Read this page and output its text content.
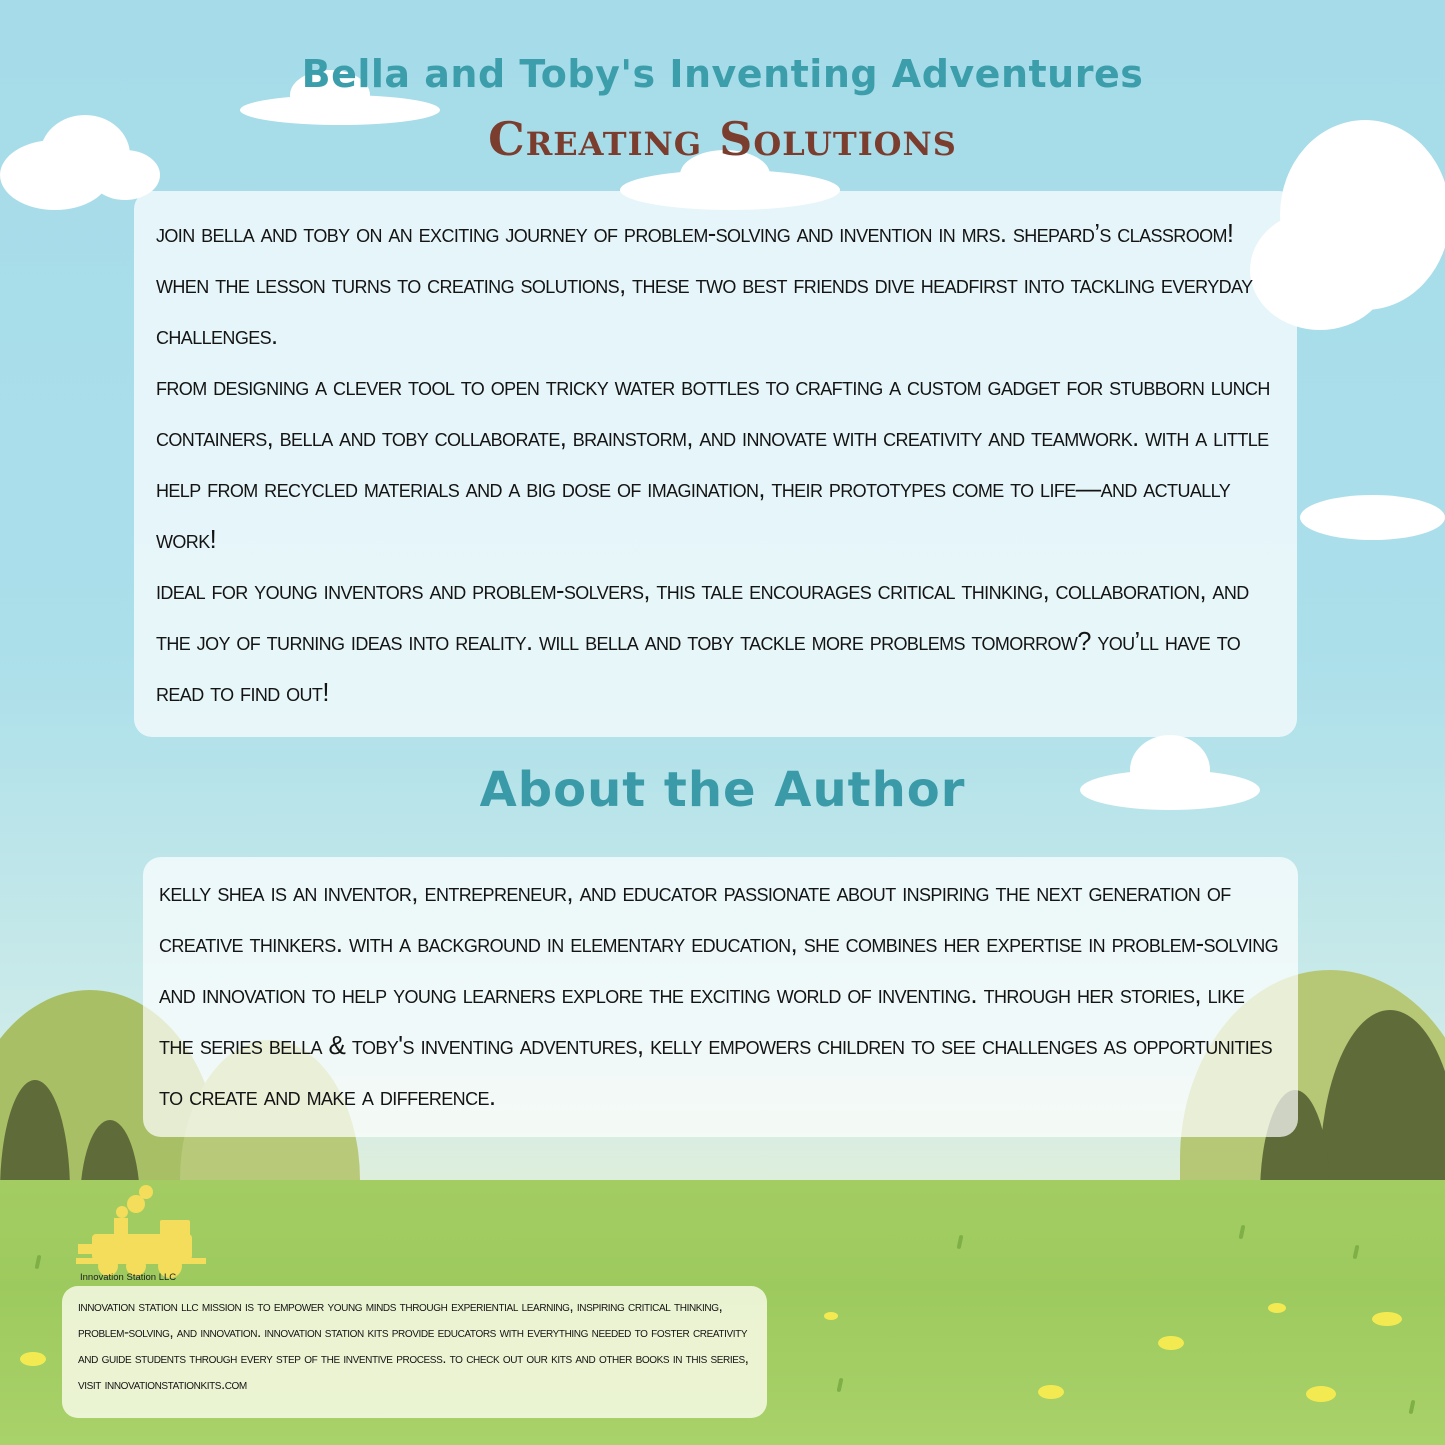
Bella and Toby's Inventing Adventures
Creating Solutions

join bella and toby on an exciting journey of problem-solving and invention in mrs. shepard’s classroom! when the lesson turns to creating solutions, these two best friends dive headfirst into tackling everyday challenges.

from designing a clever tool to open tricky water bottles to crafting a custom gadget for stubborn lunch containers, bella and toby collaborate, brainstorm, and innovate with creativity and teamwork. with a little help from recycled materials and a big dose of imagination, their prototypes come to life—and actually work!

ideal for young inventors and problem-solvers, this tale encourages critical thinking, collaboration, and the joy of turning ideas into reality. will bella and toby tackle more problems tomorrow? you’ll have to read to find out!

About the Author

kelly shea is an inventor, entrepreneur, and educator passionate about inspiring the next generation of creative thinkers. with a background in elementary education, she combines her expertise in problem-solving and innovation to help young learners explore the exciting world of inventing. through her stories, like the series bella & toby's inventing adventures, kelly empowers children to see challenges as opportunities to create and make a difference.

Innovation Station LLC

innovation station llc mission is to empower young minds through experiential learning, inspiring critical thinking, problem-solving, and innovation. innovation station kits provide educators with everything needed to foster creativity and guide students through every step of the inventive process. to check out our kits and other books in this series, visit innovationstationkits.com
